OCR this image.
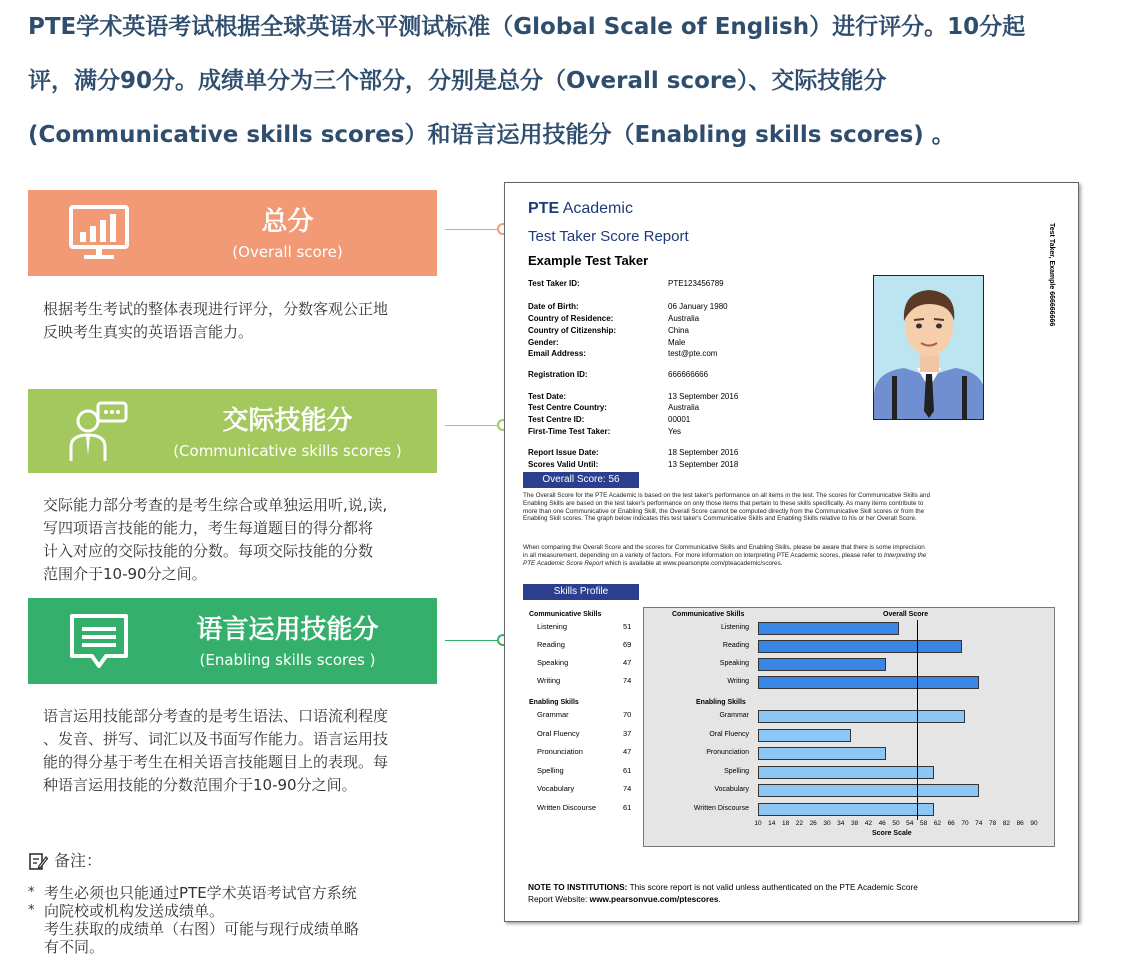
PTE学术英语考试根据全球英语水平测试标准（Global Scale of English）进行评分。10分起

评，满分90分。成绩单分为三个部分，分别是总分（Overall score）、交际技能分

(Communicative skills scores）和语言运用技能分（Enabling skills scores) 。

总分
(Overall score)
根据考生考试的整体表现进行评分，分数客观公正地
反映考生真实的英语语言能力。
交际技能分
(Communicative skills scores )
交际能力部分考查的是考生综合或单独运用听,说,读,
写四项语言技能的能力，考生每道题目的得分都将
计入对应的交际技能的分数。每项交际技能的分数
范围介于10-90分之间。
语言运用技能分
(Enabling skills scores )
语言运用技能部分考查的是考生语法、口语流利程度
、发音、拼写、词汇以及书面写作能力。语言运用技
能的得分基于考生在相关语言技能题目上的表现。每
种语言运用技能的分数范围介于10-90分之间。
备注：
* 考生必须也只能通过PTE学术英语考试官方系统
* 向院校或机构发送成绩单。
考生获取的成绩单（右图）可能与现行成绩单略
有不同。
PTE Academic
Test Taker Score Report
Example Test Taker	Test Taker, Example 666666666
Test Taker ID:	PTE123456789
Date of Birth:	06 January 1980
Country of Residence:	Australia
Country of Citizenship:	China
Gender:	Male
Email Address:	test@pte.com
Registration ID:	666666666
Test Date:	13 September 2016
Test Centre Country:	Australia
Test Centre ID:	00001
First-Time Test Taker:	Yes
Report Issue Date:	18 September 2016
Scores Valid Until:	13 September 2018
Overall Score: 56
The Overall Score for the PTE Academic is based on the test taker's performance on all items in the test. The scores for Communicative Skills and Enabling Skills are based on the test taker's performance on only those items that pertain to these skills specifically. As many items contribute to more than one Communicative or Enabling Skill, the Overall Score cannot be computed directly from the Communicative Skill scores or from the Enabling Skill scores. The graph below indicates this test taker's Communicative Skills and Enabling Skills relative to his or her Overall Score.
When comparing the Overall Score and the scores for Communicative Skills and Enabling Skills, please be aware that there is some imprecision in all measurement, depending on a variety of factors. For more information on interpreting PTE Academic scores, please refer to Interpreting the PTE Academic Score Report which is available at www.pearsonpte.com/pteacademic/scores.
Skills Profile
Communicative Skills
Enabling Skills
Listening	51
Reading	69
Speaking	47
Writing	74
Grammar	70
Oral Fluency	37
Pronunciation	47
Spelling	61
Vocabulary	74
Written Discourse	61
Communicative Skills
Enabling Skills
Overall Score
Score Scale
Listening
Reading
Speaking
Writing
Grammar
Oral Fluency
Pronunciation
Spelling
Vocabulary
Written Discourse
10	14	18	22	26	30	34	38	42	46	50	54	58	62	66	70	74	78	82	86	90
NOTE TO INSTITUTIONS: This score report is not valid unless authenticated on the PTE Academic Score
Report Website: www.pearsonvue.com/ptescores.
